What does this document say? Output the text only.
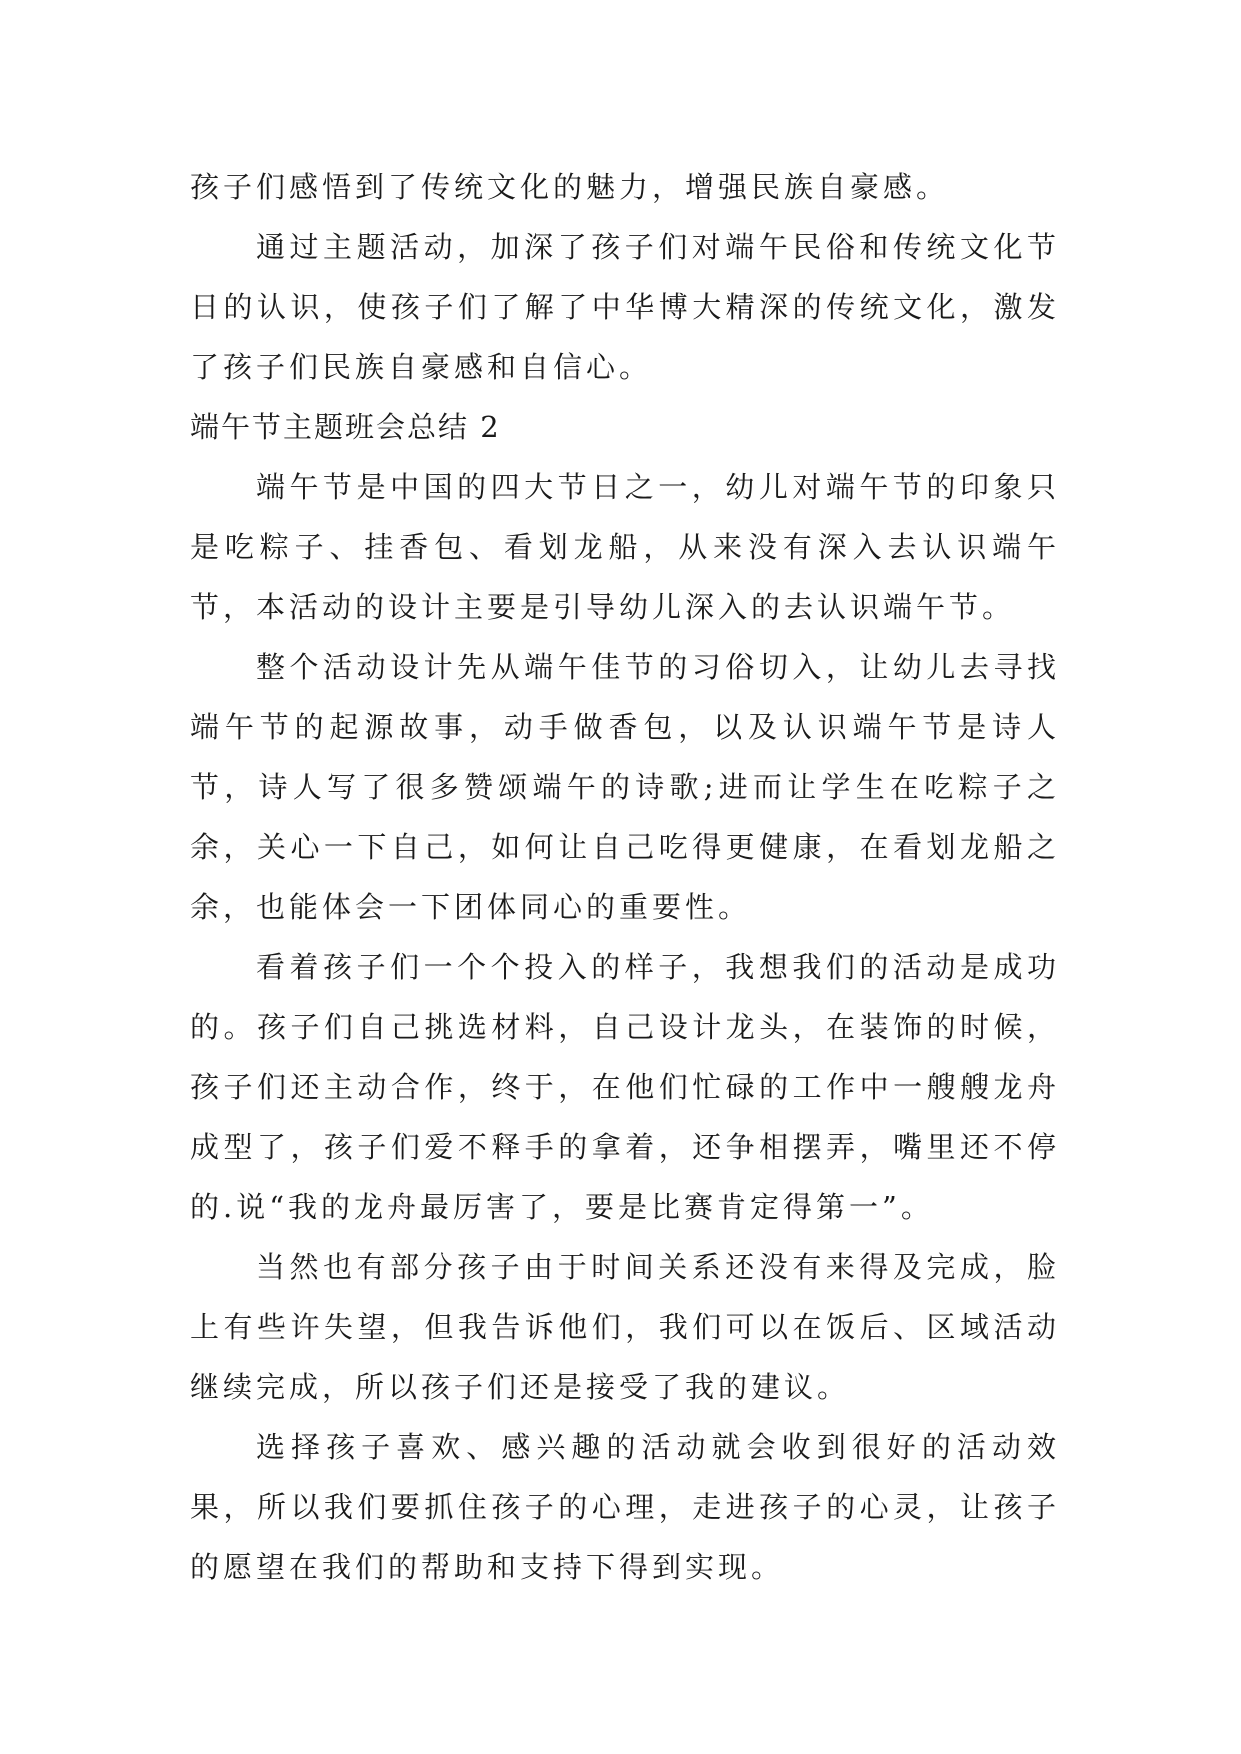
孩子们感悟到了传统文化的魅力，增强民族自豪感。

通过主题活动，加深了孩子们对端午民俗和传统文化节日的认识，使孩子们了解了中华博大精深的传统文化，激发了孩子们民族自豪感和自信心。

端午节主题班会总结 2

端午节是中国的四大节日之一，幼儿对端午节的印象只是吃粽子、挂香包、看划龙船，从来没有深入去认识端午节，本活动的设计主要是引导幼儿深入的去认识端午节。

整个活动设计先从端午佳节的习俗切入，让幼儿去寻找端午节的起源故事，动手做香包，以及认识端午节是诗人节，诗人写了很多赞颂端午的诗歌;进而让学生在吃粽子之余，关心一下自己，如何让自己吃得更健康，在看划龙船之余，也能体会一下团体同心的重要性。

看着孩子们一个个投入的样子，我想我们的活动是成功的。孩子们自己挑选材料，自己设计龙头，在装饰的时候，孩子们还主动合作，终于，在他们忙碌的工作中一艘艘龙舟成型了，孩子们爱不释手的拿着，还争相摆弄，嘴里还不停的.说“我的龙舟最厉害了，要是比赛肯定得第一”。

当然也有部分孩子由于时间关系还没有来得及完成，脸上有些许失望，但我告诉他们，我们可以在饭后、区域活动继续完成，所以孩子们还是接受了我的建议。

选择孩子喜欢、感兴趣的活动就会收到很好的活动效果，所以我们要抓住孩子的心理，走进孩子的心灵，让孩子的愿望在我们的帮助和支持下得到实现。
